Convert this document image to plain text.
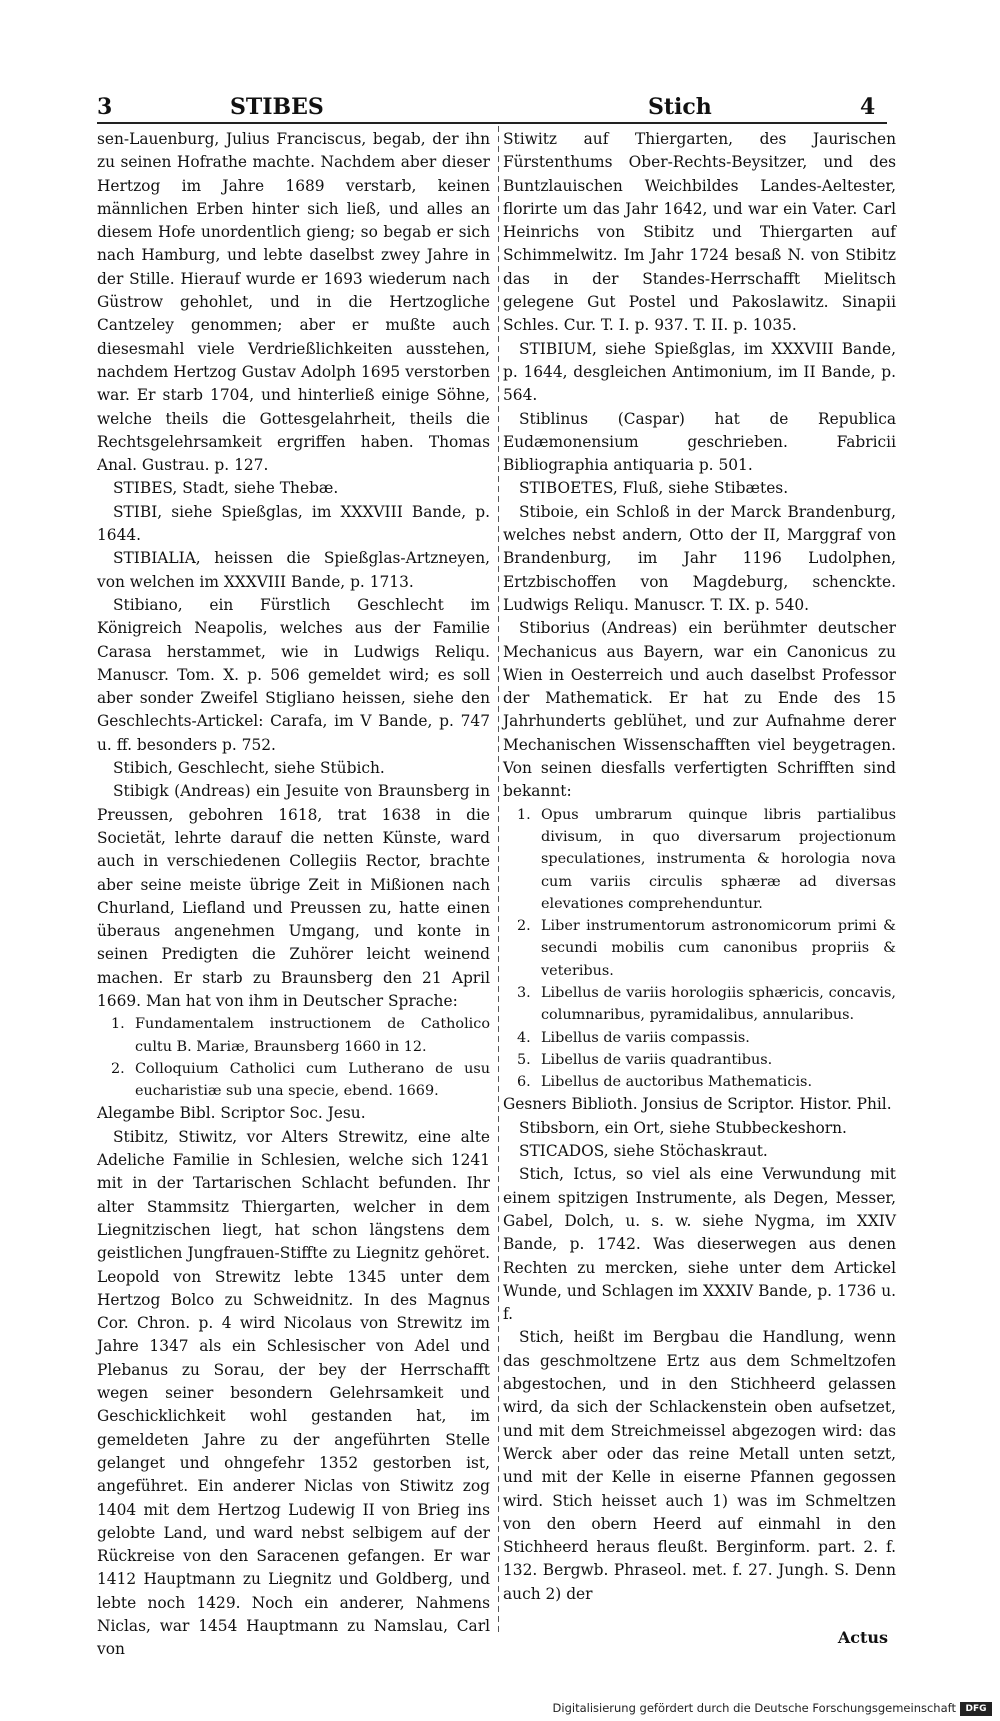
3	STIBES	Stich	4

sen-Lauenburg, Julius Franciscus, begab, der ihn zu seinen Hofrathe machte. Nachdem aber dieser Hertzog im Jahre 1689 verstarb, keinen männlichen Erben hinter sich ließ, und alles an diesem Hofe unordentlich gieng; so begab er sich nach Hamburg, und lebte daselbst zwey Jahre in der Stille. Hierauf wurde er 1693 wiederum nach Güstrow gehohlet, und in die Hertzogliche Cantzeley genommen; aber er mußte auch diesesmahl viele Verdrießlichkeiten ausstehen, nachdem Hertzog Gustav Adolph 1695 verstorben war. Er starb 1704, und hinterließ einige Söhne, welche theils die Gottesgelahrheit, theils die Rechtsgelehrsamkeit ergriffen haben. Thomas Anal. Gustrau. p. 127.

STIBES, Stadt, siehe Thebæ.

STIBI, siehe Spießglas, im XXXVIII Bande, p. 1644.

STIBIALIA, heissen die Spießglas-Artzneyen, von welchen im XXXVIII Bande, p. 1713.

Stibiano, ein Fürstlich Geschlecht im Königreich Neapolis, welches aus der Familie Carasa herstammet, wie in Ludwigs Reliqu. Manuscr. Tom. X. p. 506 gemeldet wird; es soll aber sonder Zweifel Stigliano heissen, siehe den Geschlechts-Artickel: Carafa, im V Bande, p. 747 u. ff. besonders p. 752.

Stibich, Geschlecht, siehe Stübich.

Stibigk (Andreas) ein Jesuite von Braunsberg in Preussen, gebohren 1618, trat 1638 in die Societät, lehrte darauf die netten Künste, ward auch in verschiedenen Collegiis Rector, brachte aber seine meiste übrige Zeit in Mißionen nach Churland, Liefland und Preussen zu, hatte einen überaus angenehmen Umgang, und konte in seinen Predigten die Zuhörer leicht weinend machen. Er starb zu Braunsberg den 21 April 1669. Man hat von ihm in Deutscher Sprache:

1. Fundamentalem instructionem de Catholico cultu B. Mariæ, Braunsberg 1660 in 12.
2. Colloquium Catholici cum Lutherano de usu eucharistiæ sub una specie, ebend. 1669.

Alegambe Bibl. Scriptor Soc. Jesu.

Stibitz, Stiwitz, vor Alters Strewitz, eine alte Adeliche Familie in Schlesien, welche sich 1241 mit in der Tartarischen Schlacht befunden. Ihr alter Stammsitz Thiergarten, welcher in dem Liegnitzischen liegt, hat schon längstens dem geistlichen Jungfrauen-Stiffte zu Liegnitz gehöret. Leopold von Strewitz lebte 1345 unter dem Hertzog Bolco zu Schweidnitz. In des Magnus Cor. Chron. p. 4 wird Nicolaus von Strewitz im Jahre 1347 als ein Schlesischer von Adel und Plebanus zu Sorau, der bey der Herrschafft wegen seiner besondern Gelehrsamkeit und Geschicklichkeit wohl gestanden hat, im gemeldeten Jahre zu der angeführten Stelle gelanget und ohngefehr 1352 gestorben ist, angeführet. Ein anderer Niclas von Stiwitz zog 1404 mit dem Hertzog Ludewig II von Brieg ins gelobte Land, und ward nebst selbigem auf der Rückreise von den Saracenen gefangen. Er war 1412 Hauptmann zu Liegnitz und Goldberg, und lebte noch 1429. Noch ein anderer, Nahmens Niclas, war 1454 Hauptmann zu Namslau, Carl von

Stiwitz auf Thiergarten, des Jaurischen Fürstenthums Ober-Rechts-Beysitzer, und des Buntzlauischen Weichbildes Landes-Aeltester, florirte um das Jahr 1642, und war ein Vater. Carl Heinrichs von Stibitz und Thiergarten auf Schimmelwitz. Im Jahr 1724 besaß N. von Stibitz das in der Standes-Herrschafft Mielitsch gelegene Gut Postel und Pakoslawitz. Sinapii Schles. Cur. T. I. p. 937. T. II. p. 1035.

STIBIUM, siehe Spießglas, im XXXVIII Bande, p. 1644, desgleichen Antimonium, im II Bande, p. 564.

Stiblinus (Caspar) hat de Republica Eudæmonensium geschrieben. Fabricii Bibliographia antiquaria p. 501.

STIBOETES, Fluß, siehe Stibætes.

Stiboie, ein Schloß in der Marck Brandenburg, welches nebst andern, Otto der II, Marggraf von Brandenburg, im Jahr 1196 Ludolphen, Ertzbischoffen von Magdeburg, schenckte. Ludwigs Reliqu. Manuscr. T. IX. p. 540.

Stiborius (Andreas) ein berühmter deutscher Mechanicus aus Bayern, war ein Canonicus zu Wien in Oesterreich und auch daselbst Professor der Mathematick. Er hat zu Ende des 15 Jahrhunderts geblühet, und zur Aufnahme derer Mechanischen Wissenschafften viel beygetragen. Von seinen diesfalls verfertigten Schrifften sind bekannt:

1. Opus umbrarum quinque libris partialibus divisum, in quo diversarum projectionum speculationes, instrumenta & horologia nova cum variis circulis sphæræ ad diversas elevationes comprehenduntur.
2. Liber instrumentorum astronomicorum primi & secundi mobilis cum canonibus propriis & veteribus.
3. Libellus de variis horologiis sphæricis, concavis, columnaribus, pyramidalibus, annularibus.
4. Libellus de variis compassis.
5. Libellus de variis quadrantibus.
6. Libellus de auctoribus Mathematicis.

Gesners Biblioth. Jonsius de Scriptor. Histor. Phil.

Stibsborn, ein Ort, siehe Stubbeckeshorn.

STICADOS, siehe Stöchaskraut.

Stich, Ictus, so viel als eine Verwundung mit einem spitzigen Instrumente, als Degen, Messer, Gabel, Dolch, u. s. w. siehe Nygma, im XXIV Bande, p. 1742. Was dieserwegen aus denen Rechten zu mercken, siehe unter dem Artickel Wunde, und Schlagen im XXXIV Bande, p. 1736 u. f.

Stich, heißt im Bergbau die Handlung, wenn das geschmoltzene Ertz aus dem Schmeltzofen abgestochen, und in den Stichheerd gelassen wird, da sich der Schlackenstein oben aufsetzet, und mit dem Streichmeissel abgezogen wird: das Werck aber oder das reine Metall unten setzt, und mit der Kelle in eiserne Pfannen gegossen wird. Stich heisset auch 1) was im Schmeltzen von den obern Heerd auf einmahl in den Stichheerd heraus fleußt. Berginform. part. 2. f. 132. Bergwb. Phraseol. met. f. 27. Jungh. S. Denn auch 2) der

Actus
Digitalisierung gefördert durch die Deutsche Forschungsgemeinschaft	DFG
